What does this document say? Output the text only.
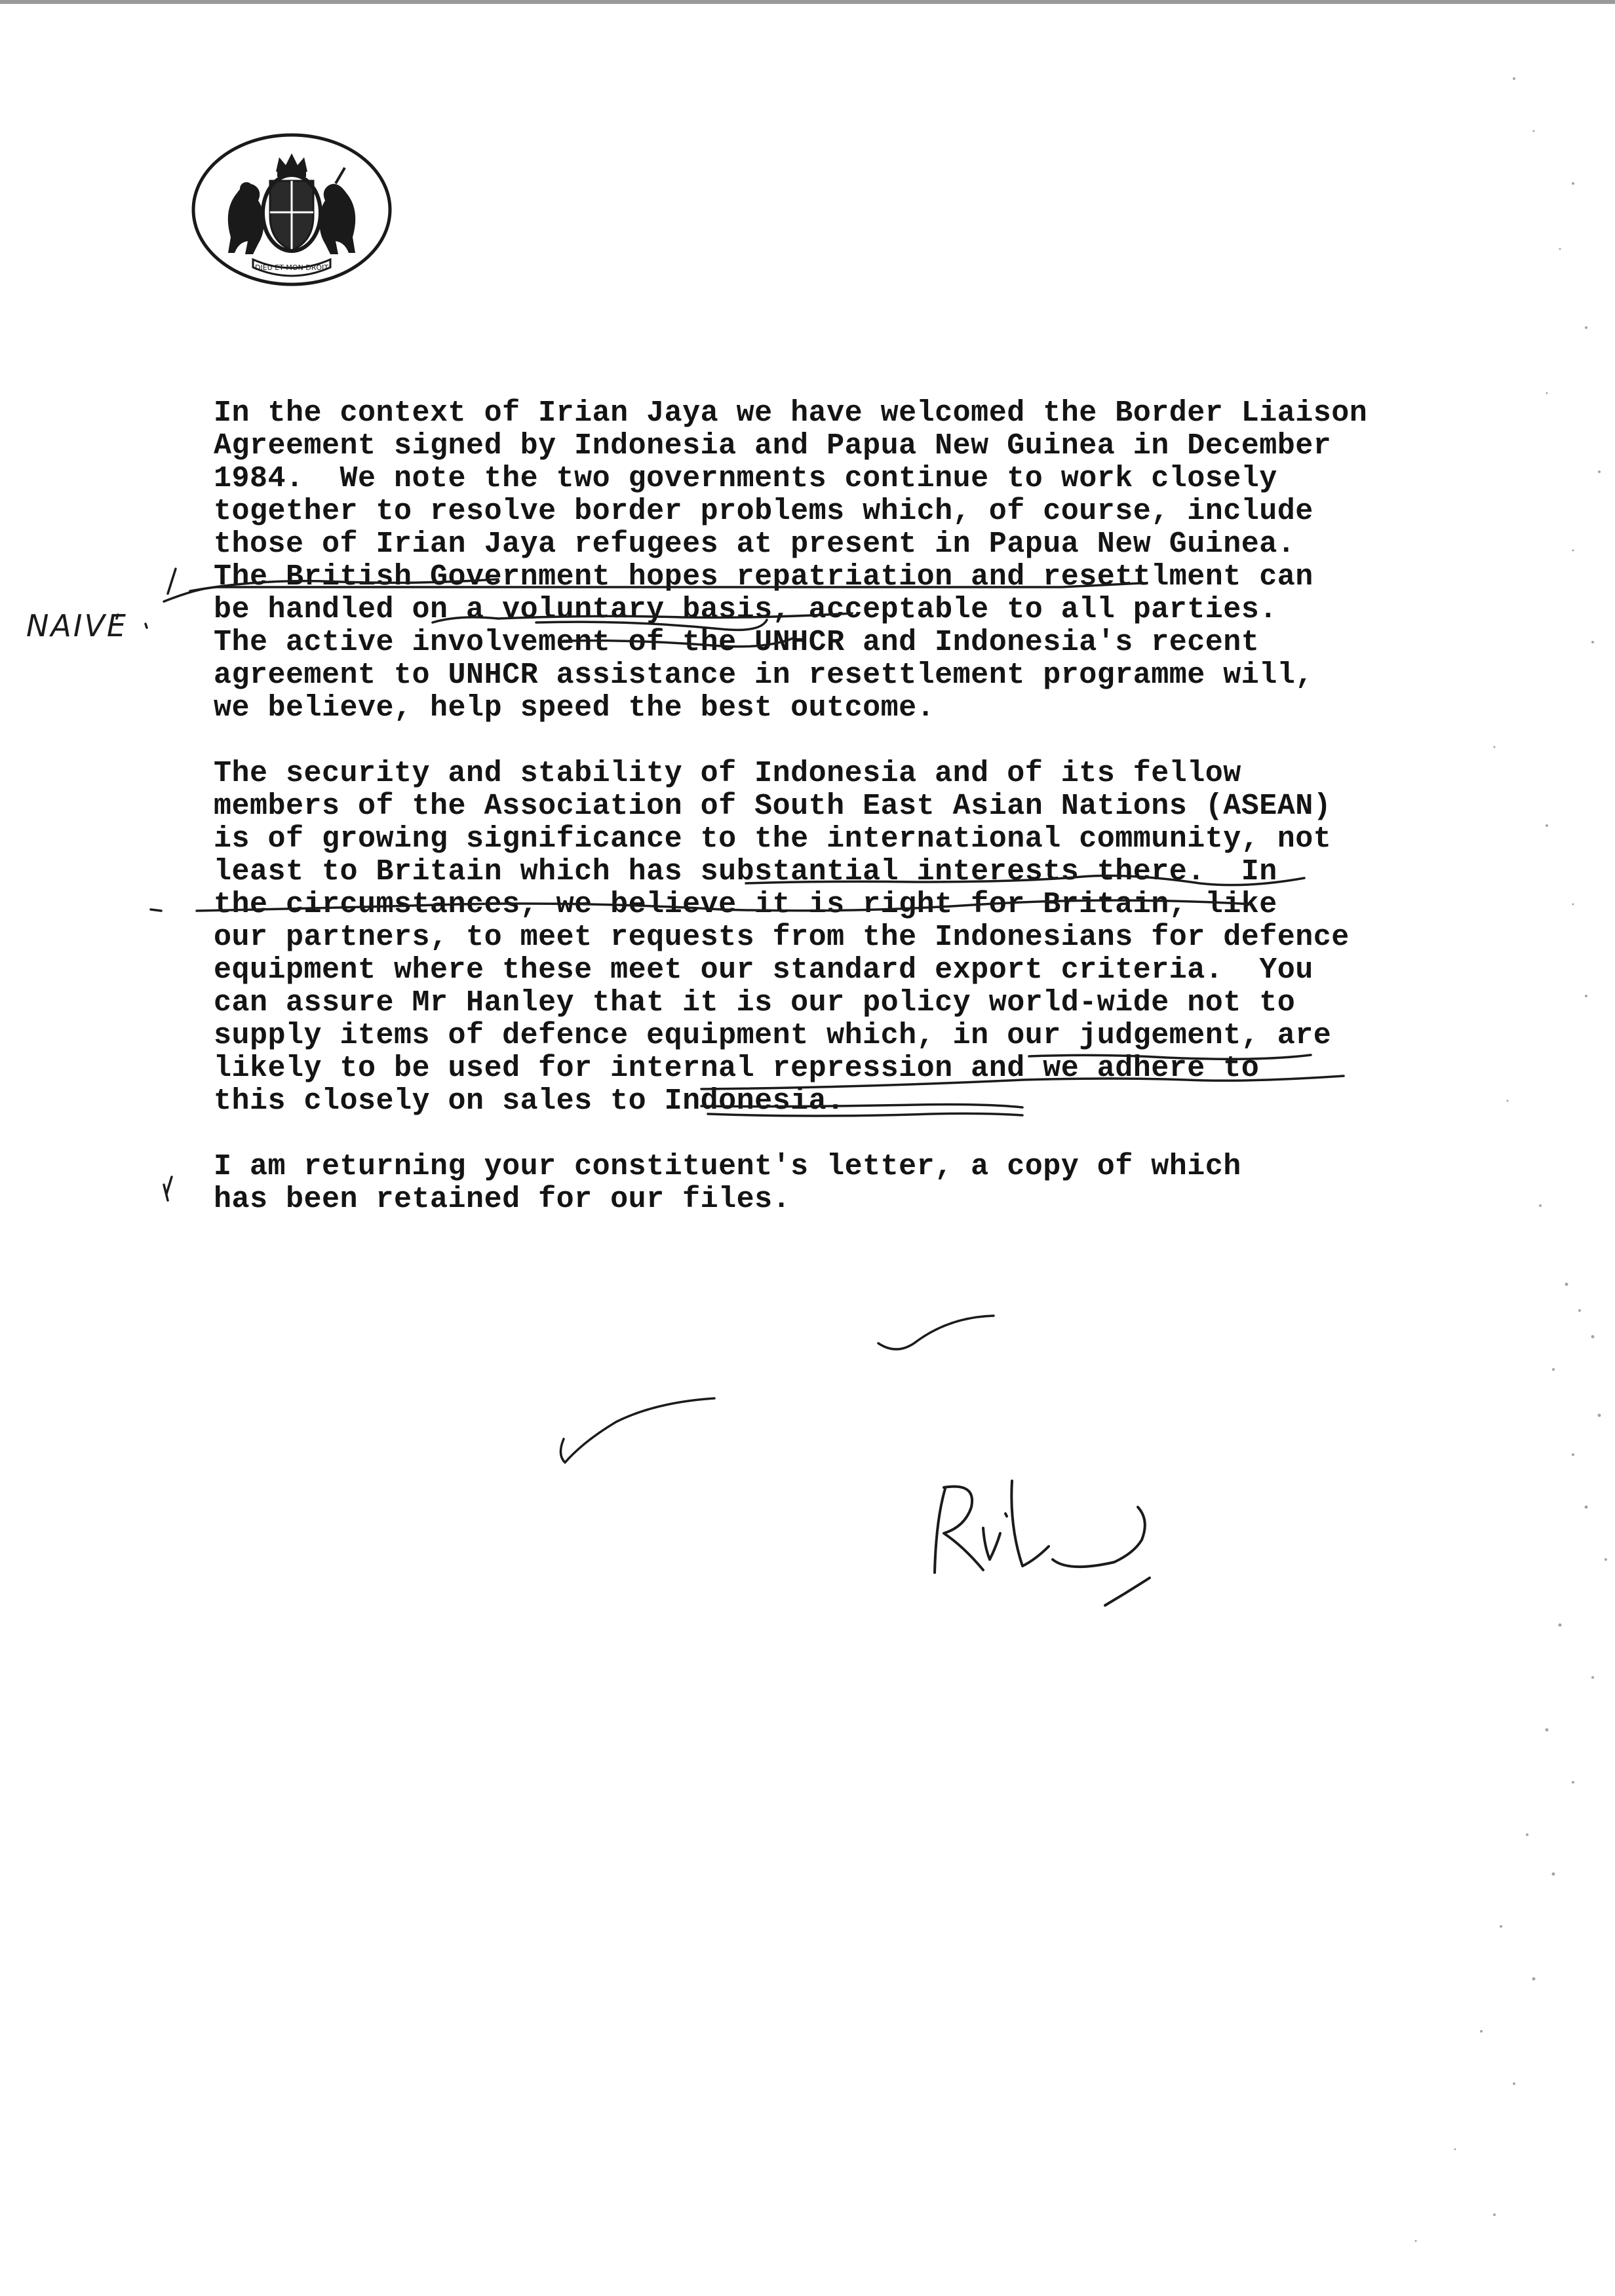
DIEU ET MON DROIT
In the context of Irian Jaya we have welcomed the Border Liaison
Agreement signed by Indonesia and Papua New Guinea in December
1984.  We note the two governments continue to work closely
together to resolve border problems which, of course, include
those of Irian Jaya refugees at present in Papua New Guinea.
The British Government hopes repatriation and resettlment can
be handled on a voluntary basis, acceptable to all parties.
The active involvement of the UNHCR and Indonesia's recent
agreement to UNHCR assistance in resettlement programme will,
we believe, help speed the best outcome.
The security and stability of Indonesia and of its fellow
members of the Association of South East Asian Nations (ASEAN)
is of growing significance to the international community, not
least to Britain which has substantial interests there.  In
the circumstances, we believe it is right for Britain, like
our partners, to meet requests from the Indonesians for defence
equipment where these meet our standard export criteria.  You
can assure Mr Hanley that it is our policy world-wide not to
supply items of defence equipment which, in our judgement, are
likely to be used for internal repression and we adhere to
this closely on sales to Indonesia.
I am returning your constituent's letter, a copy of which
has been retained for our files.
NAIVE
